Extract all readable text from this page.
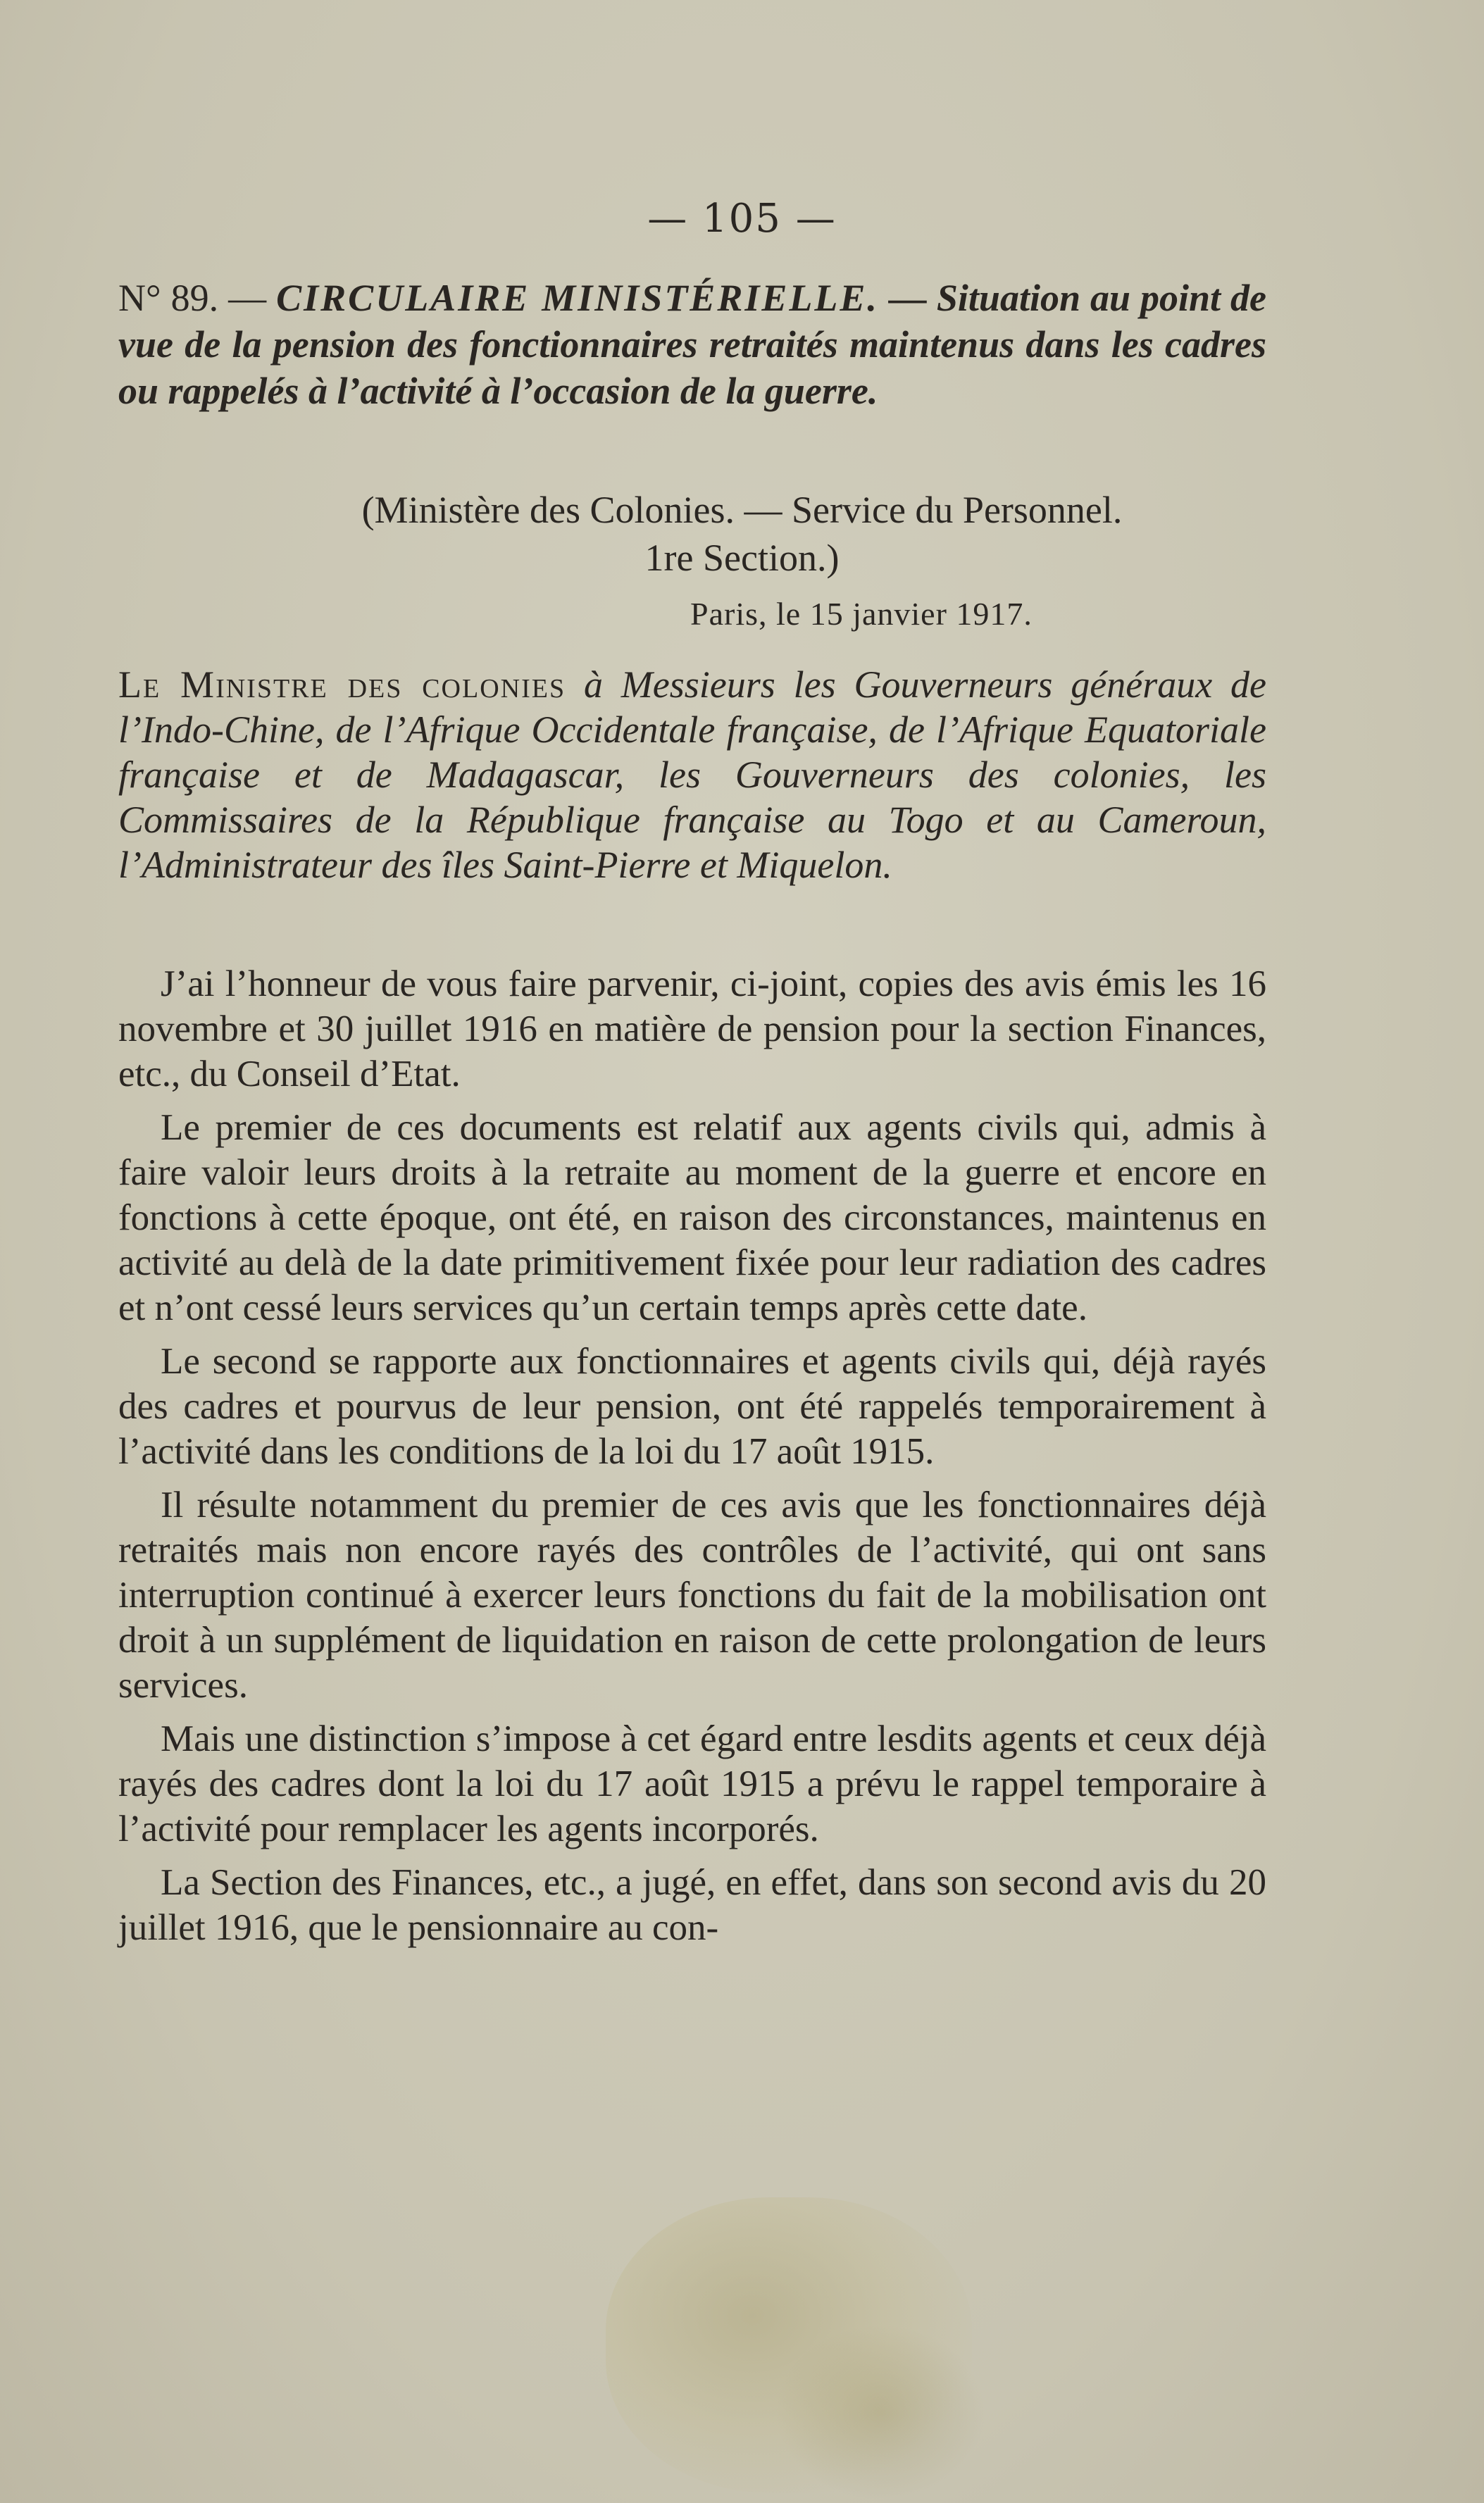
— 105 —
N° 89. — CIRCULAIRE MINISTÉRIELLE. — Situation au point de vue de la pension des fonctionnaires retraités maintenus dans les cadres ou rappelés à l’activité à l’occasion de la guerre.
(Ministère des Colonies. — Service du Personnel.
1re Section.)
Paris, le 15 janvier 1917.
Le Ministre des colonies à Messieurs les Gouverneurs généraux de l’Indo-Chine, de l’Afrique Occidentale française, de l’Afrique Equatoriale française et de Madagascar, les Gouverneurs des colonies, les Commissaires de la République française au Togo et au Cameroun, l’Administrateur des îles Saint-Pierre et Miquelon.

J’ai l’honneur de vous faire parvenir, ci-joint, copies des avis émis les 16 novembre et 30 juillet 1916 en matière de pension pour la section Finances, etc., du Conseil d’Etat.

Le premier de ces documents est relatif aux agents civils qui, admis à faire valoir leurs droits à la retraite au moment de la guerre et encore en fonctions à cette époque, ont été, en raison des circonstances, maintenus en activité au delà de la date primitivement fixée pour leur radiation des cadres et n’ont cessé leurs services qu’un certain temps après cette date.

Le second se rapporte aux fonctionnaires et agents civils qui, déjà rayés des cadres et pourvus de leur pension, ont été rappelés temporairement à l’activité dans les conditions de la loi du 17 août 1915.

Il résulte notamment du premier de ces avis que les fonctionnaires déjà retraités mais non encore rayés des contrôles de l’activité, qui ont sans interruption continué à exercer leurs fonctions du fait de la mobilisation ont droit à un supplément de liquidation en raison de cette prolongation de leurs services.

Mais une distinction s’impose à cet égard entre lesdits agents et ceux déjà rayés des cadres dont la loi du 17 août 1915 a prévu le rappel temporaire à l’activité pour remplacer les agents incorporés.

La Section des Finances, etc., a jugé, en effet, dans son second avis du 20 juillet 1916, que le pensionnaire au con-
